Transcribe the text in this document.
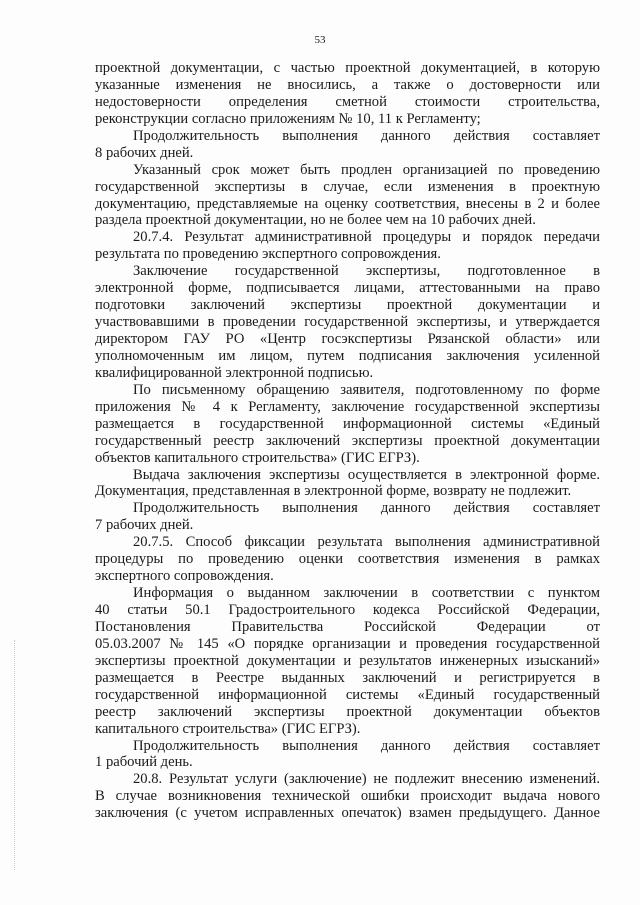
53
проектной документации, с частью проектной документацией, в которую
указанные изменения не вносились, а также о достоверности или
недостоверности определения сметной стоимости строительства,
реконструкции согласно приложениям № 10, 11 к Регламенту;
Продолжительность выполнения данного действия составляет
8 рабочих дней.
Указанный срок может быть продлен организацией по проведению
государственной экспертизы в случае, если изменения в проектную
документацию, представляемые на оценку соответствия, внесены в 2 и более
раздела проектной документации, но не более чем на 10 рабочих дней.
20.7.4. Результат административной процедуры и порядок передачи
результата по проведению экспертного сопровождения.
Заключение государственной экспертизы, подготовленное в
электронной форме, подписывается лицами, аттестованными на право
подготовки заключений экспертизы проектной документации и
участвовавшими в проведении государственной экспертизы, и утверждается
директором ГАУ РО «Центр госэкспертизы Рязанской области» или
уполномоченным им лицом, путем подписания заключения усиленной
квалифицированной электронной подписью.
По письменному обращению заявителя, подготовленному по форме
приложения № 4 к Регламенту, заключение государственной экспертизы
размещается в государственной информационной системы «Единый
государственный реестр заключений экспертизы проектной документации
объектов капитального строительства» (ГИС ЕГРЗ).
Выдача заключения экспертизы осуществляется в электронной форме.
Документация, представленная в электронной форме, возврату не подлежит.
Продолжительность выполнения данного действия составляет
7 рабочих дней.
20.7.5. Способ фиксации результата выполнения административной
процедуры по проведению оценки соответствия изменения в рамках
экспертного сопровождения.
Информация о выданном заключении в соответствии с пунктом
40 статьи 50.1 Градостроительного кодекса Российской Федерации,
Постановления Правительства Российской Федерации от
05.03.2007 № 145 «О порядке организации и проведения государственной
экспертизы проектной документации и результатов инженерных изысканий»
размещается в Реестре выданных заключений и регистрируется в
государственной информационной системы «Единый государственный
реестр заключений экспертизы проектной документации объектов
капитального строительства» (ГИС ЕГРЗ).
Продолжительность выполнения данного действия составляет
1 рабочий день.
20.8. Результат услуги (заключение) не подлежит внесению изменений.
В случае возникновения технической ошибки происходит выдача нового
заключения (с учетом исправленных опечаток) взамен предыдущего. Данное
